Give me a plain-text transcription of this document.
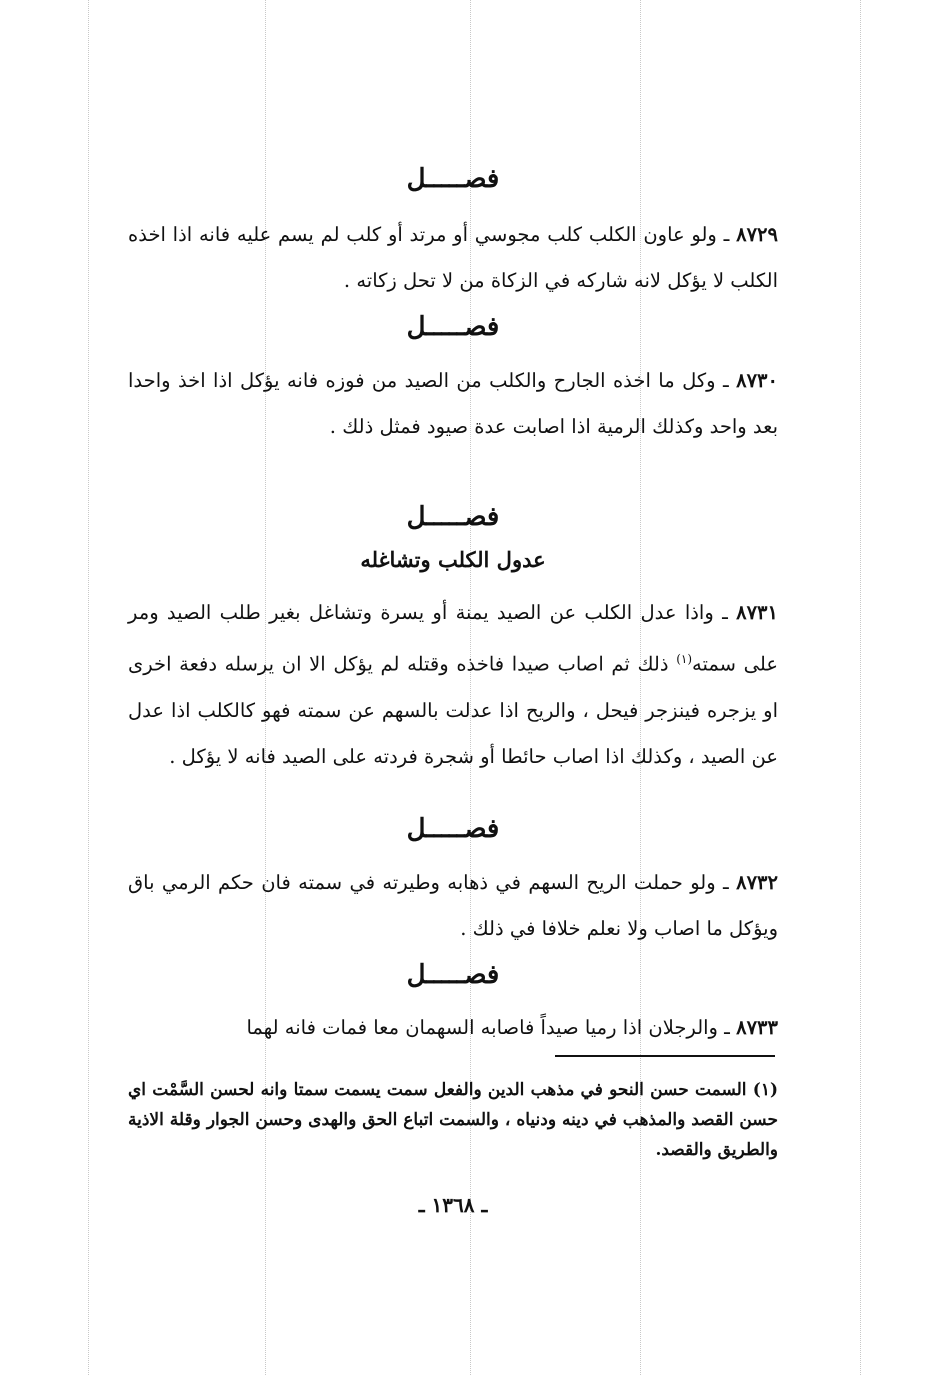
فصـــــل

٨٧٢٩ ـ ولو عاون الكلب كلب مجوسي أو مرتد أو كلب لم يسم عليه فانه اذا اخذه الكلب لا يؤكل لانه شاركه في الزكاة من لا تحل زكاته .

فصـــــل

٨٧٣٠ ـ وكل ما اخذه الجارح والكلب من الصيد من فوزه فانه يؤكل اذا اخذ واحدا بعد واحد وكذلك الرمية اذا اصابت عدة صيود فمثل ذلك .

فصـــــل
عدول الكلب وتشاغله

٨٧٣١ ـ واذا عدل الكلب عن الصيد يمنة أو يسرة وتشاغل بغير طلب الصيد ومر على سمته$^{(١)}$ ذلك ثم اصاب صيدا فاخذه وقتله لم يؤكل الا ان يرسله دفعة اخرى او يزجره فينزجر فيحل ، والريح اذا عدلت بالسهم عن سمته فهو كالكلب اذا عدل عن الصيد ، وكذلك اذا اصاب حائطا أو شجرة فردته على الصيد فانه لا يؤكل .

فصـــــل

٨٧٣٢ ـ ولو حملت الريح السهم في ذهابه وطيرته في سمته فان حكم الرمي باق ويؤكل ما اصاب ولا نعلم خلافا في ذلك .

فصـــــل

٨٧٣٣ ـ والرجلان اذا رميا صيداً فاصابه السهمان معا فمات فانه لهما

(١) السمت حسن النحو في مذهب الدين والفعل سمت يسمت سمتا وانه لحسن السَّمْت اي حسن القصد والمذهب في دينه ودنياه ، والسمت اتباع الحق والهدى وحسن الجوار وقلة الاذية والطريق والقصد.

ـ ١٣٦٨ ـ
